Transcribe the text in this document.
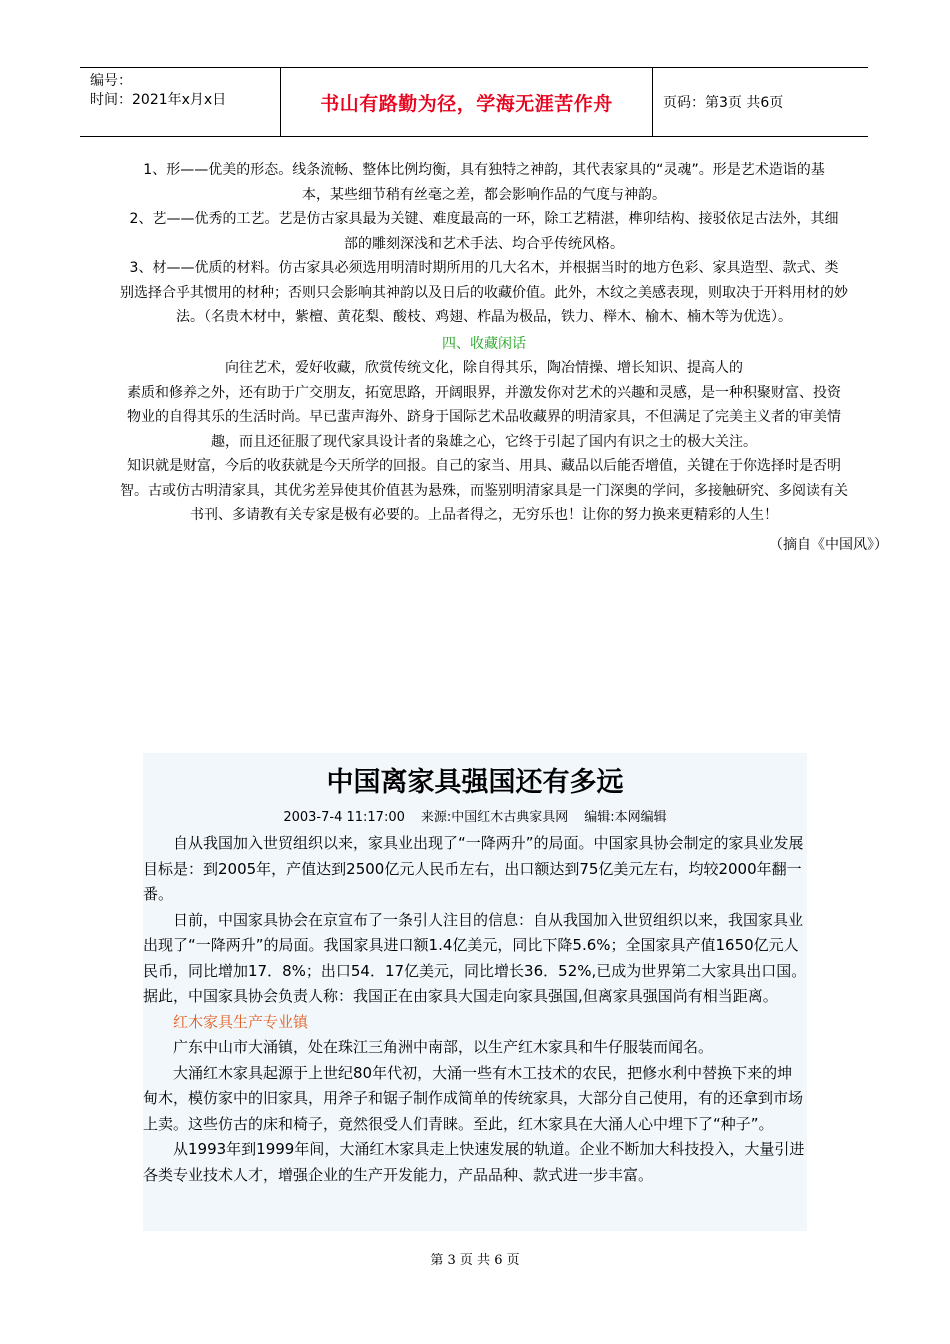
编号：
时间：2021年x月x日	书山有路勤为径，学海无涯苦作舟	页码：第3页 共6页
1、形——优美的形态。线条流畅、整体比例均衡，具有独特之神韵，其代表家具的“灵魂”。形是艺术造诣的基
本，某些细节稍有丝毫之差，都会影响作品的气度与神韵。
2、艺——优秀的工艺。艺是仿古家具最为关键、难度最高的一环，除工艺精湛，榫卯结构、接驳依足古法外，其细
部的雕刻深浅和艺术手法、均合乎传统风格。
3、材——优质的材料。仿古家具必须选用明清时期所用的几大名木，并根据当时的地方色彩、家具造型、款式、类
别选择合乎其惯用的材种；否则只会影响其神韵以及日后的收藏价值。此外，木纹之美感表现，则取决于开料用材的妙
法。（名贵木材中，紫檀、黄花梨、酸枝、鸡翅、柞晶为极品，铁力、榉木、榆木、楠木等为优选）。
四、收藏闲话
向往艺术，爱好收藏，欣赏传统文化，除自得其乐，陶冶情操、增长知识、提高人的
素质和修养之外，还有助于广交朋友，拓宽思路，开阔眼界，并激发你对艺术的兴趣和灵感，是一种积聚财富、投资
物业的自得其乐的生活时尚。早已蜚声海外、跻身于国际艺术品收藏界的明清家具，不但满足了完美主义者的审美情
趣，而且还征服了现代家具设计者的枭雄之心，它终于引起了国内有识之士的极大关注。
知识就是财富，今后的收获就是今天所学的回报。自己的家当、用具、藏品以后能否增值，关键在于你选择时是否明
智。古或仿古明清家具，其优劣差异使其价值甚为悬殊，而鉴别明清家具是一门深奥的学问，多接触研究、多阅读有关
书刊、多请教有关专家是极有必要的。上品者得之，无穷乐也！让你的努力换来更精彩的人生！
（摘自《中国风》）
中国离家具强国还有多远
2003-7-4 11:17:00 来源:中国红木古典家具网 编辑:本网编辑

自从我国加入世贸组织以来，家具业出现了“一降两升”的局面。中国家具协会制定的家具业发展目标是：到2005年，产值达到2500亿元人民币左右，出口额达到75亿美元左右，均较2000年翻一番。

日前，中国家具协会在京宣布了一条引人注目的信息：自从我国加入世贸组织以来，我国家具业出现了“一降两升”的局面。我国家具进口额1.4亿美元，同比下降5.6%；全国家具产值1650亿元人民币，同比增加17．8%；出口54．17亿美元，同比增长36．52%,已成为世界第二大家具出口国。据此，中国家具协会负责人称：我国正在由家具大国走向家具强国,但离家具强国尚有相当距离。

红木家具生产专业镇

广东中山市大涌镇，处在珠江三角洲中南部，以生产红木家具和牛仔服装而闻名。

大涌红木家具起源于上世纪80年代初，大涌一些有木工技术的农民，把修水利中替换下来的坤甸木，模仿家中的旧家具，用斧子和锯子制作成简单的传统家具，大部分自己使用，有的还拿到市场上卖。这些仿古的床和椅子，竟然很受人们青睐。至此，红木家具在大涌人心中埋下了“种子”。

从1993年到1999年间，大涌红木家具走上快速发展的轨道。企业不断加大科技投入，大量引进各类专业技术人才，增强企业的生产开发能力，产品品种、款式进一步丰富。

第 3 页 共 6 页
